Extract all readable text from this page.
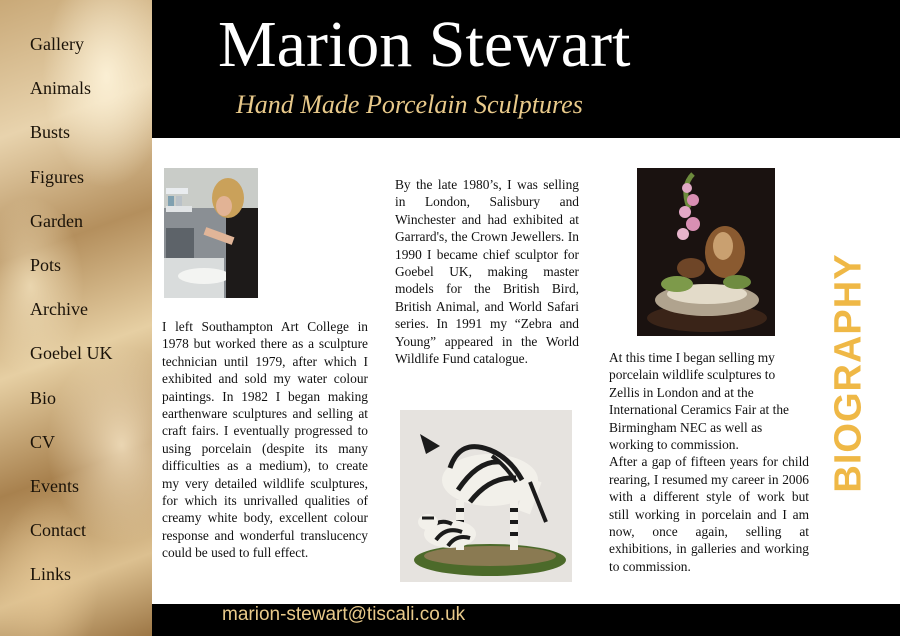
Gallery
Animals
Busts
Figures
Garden
Pots
Archive
Goebel UK
Bio
CV
Events
Contact
Links
Marion Stewart
Hand Made Porcelain Sculptures

I left Southampton Art College in 1978 but worked there as a sculpture technician until 1979, after which I exhibited and sold my water colour paintings. In 1982 I began making earthenware sculptures and selling at craft fairs. I eventually progressed to using porcelain (despite its many difficulties as a medium), to create my very detailed wildlife sculptures, for which its unrivalled qualities of creamy white body, excellent colour response and wonderful translucency could be used to full effect.

By the late 1980’s, I was selling in London, Salisbury and Winchester and had exhibited at Garrard's, the Crown Jewellers. In 1990 I became chief sculptor for Goebel UK, making master models for the British Bird, British Animal, and World Safari series. In 1991 my “Zebra and Young” appeared in the World Wildlife Fund catalogue.	At this time I began selling my porcelain wildlife sculptures to Zellis in London and at the International Ceramics Fair at the Birmingham NEC as well as working to commission.

After a gap of fifteen years for child rearing, I resumed my career in 2006 with a different style of work but still working in porcelain and I am now, once again, selling at exhibitions, in galleries and working to commission.

BIOGRAPHY
marion-stewart@tiscali.co.uk
